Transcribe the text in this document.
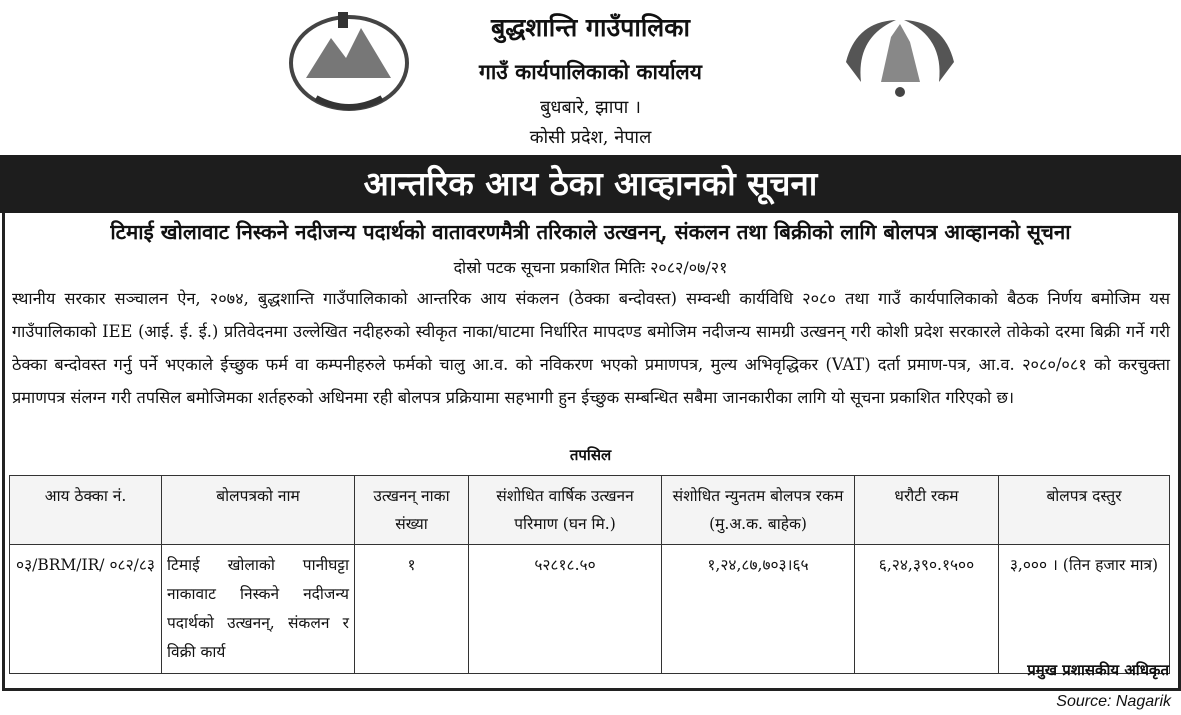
बुद्धशान्ति गाउँपालिका
गाउँ कार्यपालिकाको कार्यालय
बुधबारे, झापा ।
कोसी प्रदेश, नेपाल
आन्तरिक आय ठेका आव्हानको सूचना
टिमाई खोलावाट निस्कने नदीजन्य पदार्थको वातावरणमैत्री तरिकाले उत्खनन्, संकलन तथा बिक्रीको लागि बोलपत्र आव्हानको सूचना
दोस्रो पटक सूचना प्रकाशित मितिः २०८२/०७/२१
स्थानीय सरकार सञ्चालन ऐन, २०७४, बुद्धशान्ति गाउँपालिकाको आन्तरिक आय संकलन (ठेक्का बन्दोवस्त) सम्वन्धी कार्यविधि २०८० तथा गाउँ कार्यपालिकाको बैठक निर्णय बमोजिम यस गाउँपालिकाको IEE (आई. ई. ई.) प्रतिवेदनमा उल्लेखित नदीहरुको स्वीकृत नाका/घाटमा निर्धारित मापदण्ड बमोजिम नदीजन्य सामग्री उत्खनन् गरी कोशी प्रदेश सरकारले तोकेको दरमा बिक्री गर्ने गरी ठेक्का बन्दोवस्त गर्नु पर्ने भएकाले ईच्छुक फर्म वा कम्पनीहरुले फर्मको चालु आ.व. को नविकरण भएको प्रमाणपत्र, मुल्य अभिवृद्धिकर (VAT) दर्ता प्रमाण-पत्र, आ.व. २०८०/०८१ को करचुक्ता प्रमाणपत्र संलग्न गरी तपसिल बमोजिमका शर्तहरुको अधिनमा रही बोलपत्र प्रक्रियामा सहभागी हुन ईच्छुक सम्बन्धित सबैमा जानकारीका लागि यो सूचना प्रकाशित गरिएको छ।
तपसिल
आय ठेक्का नं.	बोलपत्रको नाम	उत्खनन् नाका संख्या	संशोधित वार्षिक उत्खनन परिमाण (घन मि.)	संशोधित न्युनतम बोलपत्र रकम (मु.अ.क. बाहेक)	धरौटी रकम	बोलपत्र दस्तुर
०३/BRM/IR/ ०८२/८३	टिमाई खोलाको पानीघट्टा नाकावाट निस्कने नदीजन्य पदार्थको उत्खनन्, संकलन र विक्री कार्य	१	५२८१८.५०	१,२४,८७,७०३।६५	६,२४,३९०.१५००	३,००० । (तिन हजार मात्र)
प्रमुख प्रशासकीय अधिकृत
Source: Nagarik
